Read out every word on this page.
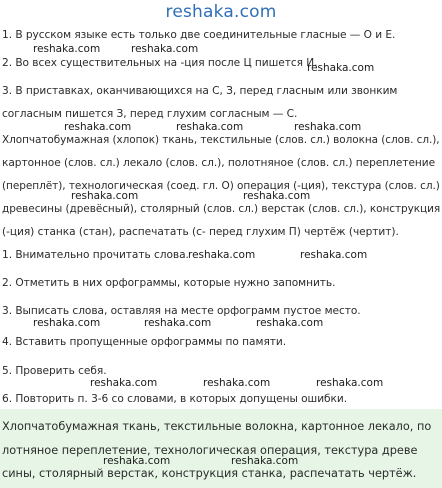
reshaka.com
1. В русском языке есть только две соединительные гласные — О и Е.
reshaka.com	reshaka.com
2. Во всех существительных на -ция после Ц пишется И.
reshaka.com
3. В приставках, оканчивающихся на С, З, перед гласным или звонким
согласным пишется З, перед глухим согласным — С.
reshaka.com	reshaka.com	reshaka.com
Хлопчатобумажная (хлопок) ткань, текстильные (слов. сл.) волокна (слов. сл.),
картонное (слов. сл.) лекало (слов. сл.), полотняное (слов. сл.) переплетение
(переплёт), технологическая (соед. гл. О) операция (-ция), текстура (слов. сл.)
reshaka.com	reshaka.com
древесины (древёсный), столярный (слов. сл.) верстак (слов. сл.), конструкция
(-ция) станка (стан), распечатать (с- перед глухим П) чертёж (чертит).
1. Внимательно прочитать слова. reshaka.com	reshaka.com
2. Отметить в них орфограммы, которые нужно запомнить.
3. Выписать слова, оставляя на месте орфограмм пустое место.
reshaka.com	reshaka.com	reshaka.com
4. Вставить пропущенные орфограммы по памяти.
5. Проверить себя.
reshaka.com	reshaka.com	reshaka.com
6. Повторить п. 3-6 со словами, в которых допущены ошибки.
Хлопчатобумажная ткань, текстильные волокна, картонное лекало, по
лотняное переплетение, технологическая операция, текстура древе
reshaka.com	reshaka.com
сины, столярный верстак, конструкция станка, распечатать чертёж.
